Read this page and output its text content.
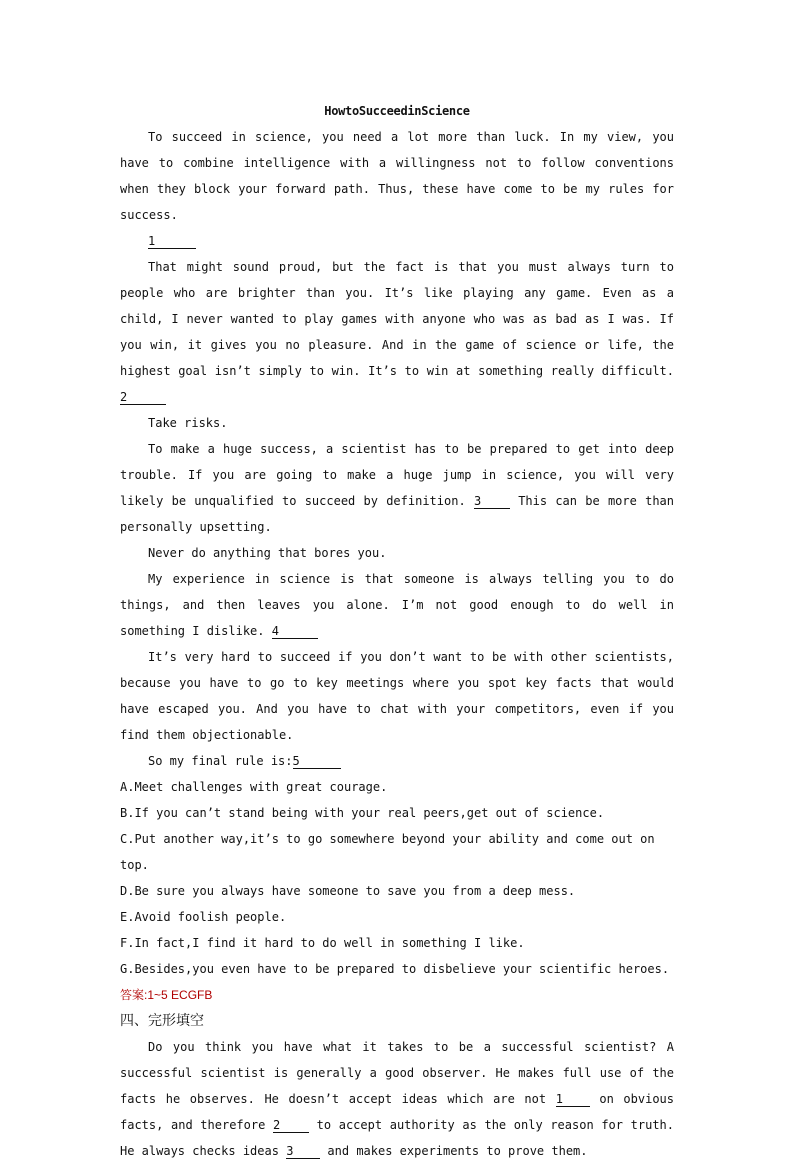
HowtoSucceedinScience

To succeed in science, you need a lot more than luck. In my view, you have to combine intelligence with a willingness not to follow conventions when they block your forward path. Thus, these have come to be my rules for success.

1

That might sound proud, but the fact is that you must always turn to people who are brighter than you. It’s like playing any game. Even as a child, I never wanted to play games with anyone who was as bad as I was. If you win, it gives you no pleasure. And in the game of science or life, the highest goal isn’t simply to win. It’s to win at something really difficult. 2

Take risks.

To make a huge success, a scientist has to be prepared to get into deep trouble. If you are going to make a huge jump in science, you will very likely be unqualified to succeed by definition. 3	This can be more than personally upsetting.

Never do anything that bores you.

My experience in science is that someone is always telling you to do things, and then leaves you alone. I’m not good enough to do well in something I dislike. 4

It’s very hard to succeed if you don’t want to be with other scientists, because you have to go to key meetings where you spot key facts that would have escaped you. And you have to chat with your competitors, even if you find them objectionable.

So my final rule is:5

A.Meet challenges with great courage.

B.If you can’t stand being with your real peers,get out of science.

C.Put another way,it’s to go somewhere beyond your ability and come out on top.

D.Be sure you always have someone to save you from a deep mess.

E.Avoid foolish people.

F.In fact,I find it hard to do well in something I like.

G.Besides,you even have to be prepared to disbelieve your scientific heroes.

答案:1~5 ECGFB

四、完形填空

Do you think you have what it takes to be a successful scientist? A successful scientist is generally a good observer. He makes full use of the facts he observes. He doesn’t accept ideas which are not 1	on obvious facts, and therefore 2	to accept authority as the only reason for truth. He always checks ideas 3	and makes experiments to prove them.
